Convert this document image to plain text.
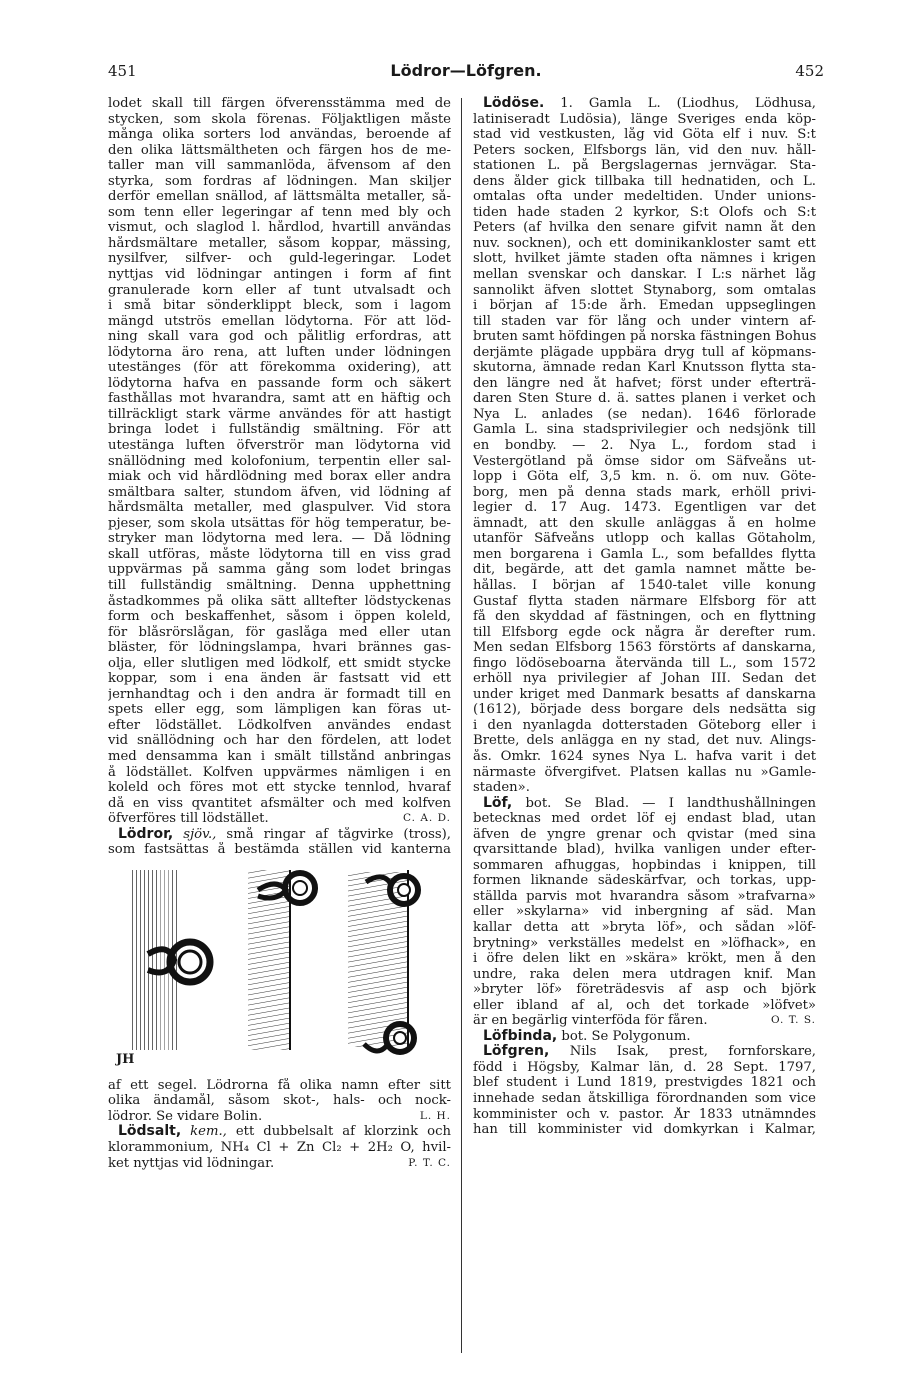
451	Lödror—Löfgren.	452
lodet skall till färgen öfverensstämma med de
stycken, som skola förenas. Följaktligen måste
många olika sorters lod användas, beroende af
den olika lättsmältheten och färgen hos de me-
taller man vill sammanlöda, äfvensom af den
styrka, som fordras af lödningen. Man skiljer
derför emellan snällod, af lättsmälta metaller, så-
som tenn eller legeringar af tenn med bly och
vismut, och slaglod l. hårdlod, hvartill användas
hårdsmältare metaller, såsom koppar, mässing,
nysilfver, silfver- och guld-legeringar. Lodet
nyttjas vid lödningar antingen i form af fint
granulerade korn eller af tunt utvalsadt och
i små bitar sönderklippt bleck, som i lagom
mängd utströs emellan lödytorna. För att löd-
ning skall vara god och pålitlig erfordras, att
lödytorna äro rena, att luften under lödningen
utestänges (för att förekomma oxidering), att
lödytorna hafva en passande form och säkert
fasthållas mot hvarandra, samt att en häftig och
tillräckligt stark värme användes för att hastigt
bringa lodet i fullständig smältning. För att
utestänga luften öfverströr man lödytorna vid
snällödning med kolofonium, terpentin eller sal-
miak och vid hårdlödning med borax eller andra
smältbara salter, stundom äfven, vid lödning af
hårdsmälta metaller, med glaspulver. Vid stora
pjeser, som skola utsättas för hög temperatur, be-
stryker man lödytorna med lera. — Då lödning
skall utföras, måste lödytorna till en viss grad
uppvärmas på samma gång som lodet bringas
till fullständig smältning. Denna upphettning
åstadkommes på olika sätt alltefter lödstyckenas
form och beskaffenhet, såsom i öppen koleld,
för blåsrörslågan, för gaslåga med eller utan
bläster, för lödningslampa, hvari brännes gas-
olja, eller slutligen med lödkolf, ett smidt stycke
koppar, som i ena änden är fastsatt vid ett
jernhandtag och i den andra är formadt till en
spets eller egg, som lämpligen kan föras ut-
efter lödstället. Lödkolfven användes endast
vid snällödning och har den fördelen, att lodet
med densamma kan i smält tillstånd anbringas
å lödstället. Kolfven uppvärmes nämligen i en
koleld och föres mot ett stycke tennlod, hvaraf
då en viss qvantitet afsmälter och med kolfven
öfverföres till lödstället.	C. A. D.
Lödror, sjöv., små ringar af tågvirke (tross),
som fastsättas å bestämda ställen vid kanterna
JH
af ett segel. Lödrorna få olika namn efter sitt
olika ändamål, såsom skot-, hals- och nock-
lödror. Se vidare Bolin.	L. H.
Lödsalt, kem., ett dubbelsalt af klorzink och
klorammonium, NH₄ Cl + Zn Cl₂ + 2H₂ O, hvil-
ket nyttjas vid lödningar.	P. T. C.
Lödöse. 1. Gamla L. (Liodhus, Lödhusa,
latiniseradt Ludösia), länge Sveriges enda köp-
stad vid vestkusten, låg vid Göta elf i nuv. S:t
Peters socken, Elfsborgs län, vid den nuv. håll-
stationen L. på Bergslagernas jernvägar. Sta-
dens ålder gick tillbaka till hednatiden, och L.
omtalas ofta under medeltiden. Under unions-
tiden hade staden 2 kyrkor, S:t Olofs och S:t
Peters (af hvilka den senare gifvit namn åt den
nuv. socknen), och ett dominikankloster samt ett
slott, hvilket jämte staden ofta nämnes i krigen
mellan svenskar och danskar. I L:s närhet låg
sannolikt äfven slottet Stynaborg, som omtalas
i början af 15:de årh. Emedan uppseglingen
till staden var för lång och under vintern af-
bruten samt höfdingen på norska fästningen Bohus
derjämte plägade uppbära dryg tull af köpmans-
skutorna, ämnade redan Karl Knutsson flytta sta-
den längre ned åt hafvet; först under efterträ-
daren Sten Sture d. ä. sattes planen i verket och
Nya L. anlades (se nedan). 1646 förlorade
Gamla L. sina stadsprivilegier och nedsjönk till
en bondby. — 2. Nya L., fordom stad i
Vestergötland på ömse sidor om Säfveåns ut-
lopp i Göta elf, 3,5 km. n. ö. om nuv. Göte-
borg, men på denna stads mark, erhöll privi-
legier d. 17 Aug. 1473. Egentligen var det
ämnadt, att den skulle anläggas å en holme
utanför Säfveåns utlopp och kallas Götaholm,
men borgarena i Gamla L., som befalldes flytta
dit, begärde, att det gamla namnet måtte be-
hållas. I början af 1540-talet ville konung
Gustaf flytta staden närmare Elfsborg för att
få den skyddad af fästningen, och en flyttning
till Elfsborg egde ock några år derefter rum.
Men sedan Elfsborg 1563 förstörts af danskarna,
fingo lödöseboarna återvända till L., som 1572
erhöll nya privilegier af Johan III. Sedan det
under kriget med Danmark besatts af danskarna
(1612), började dess borgare dels nedsätta sig
i den nyanlagda dotterstaden Göteborg eller i
Brette, dels anlägga en ny stad, det nuv. Alings-
ås. Omkr. 1624 synes Nya L. hafva varit i det
närmaste öfvergifvet. Platsen kallas nu »Gamle-
staden».
Löf, bot. Se Blad. — I landthushållningen
betecknas med ordet löf ej endast blad, utan
äfven de yngre grenar och qvistar (med sina
qvarsittande blad), hvilka vanligen under efter-
sommaren afhuggas, hopbindas i knippen, till
formen liknande sädeskärfvar, och torkas, upp-
ställda parvis mot hvarandra såsom »trafvarna»
eller »skylarna» vid inbergning af säd. Man
kallar detta att »bryta löf», och sådan »löf-
brytning» verkställes medelst en »löfhack», en
i öfre delen likt en »skära» krökt, men å den
undre, raka delen mera utdragen knif. Man
»bryter löf» företrädesvis af asp och björk
eller ibland af al, och det torkade »löfvet»
är en begärlig vinterföda för fåren.	O. T. S.
Löfbinda, bot. Se Polygonum.
Löfgren, Nils Isak, prest, fornforskare,
född i Högsby, Kalmar län, d. 28 Sept. 1797,
blef student i Lund 1819, prestvigdes 1821 och
innehade sedan åtskilliga förordnanden som vice
komminister och v. pastor. År 1833 utnämndes
han till komminister vid domkyrkan i Kalmar,
